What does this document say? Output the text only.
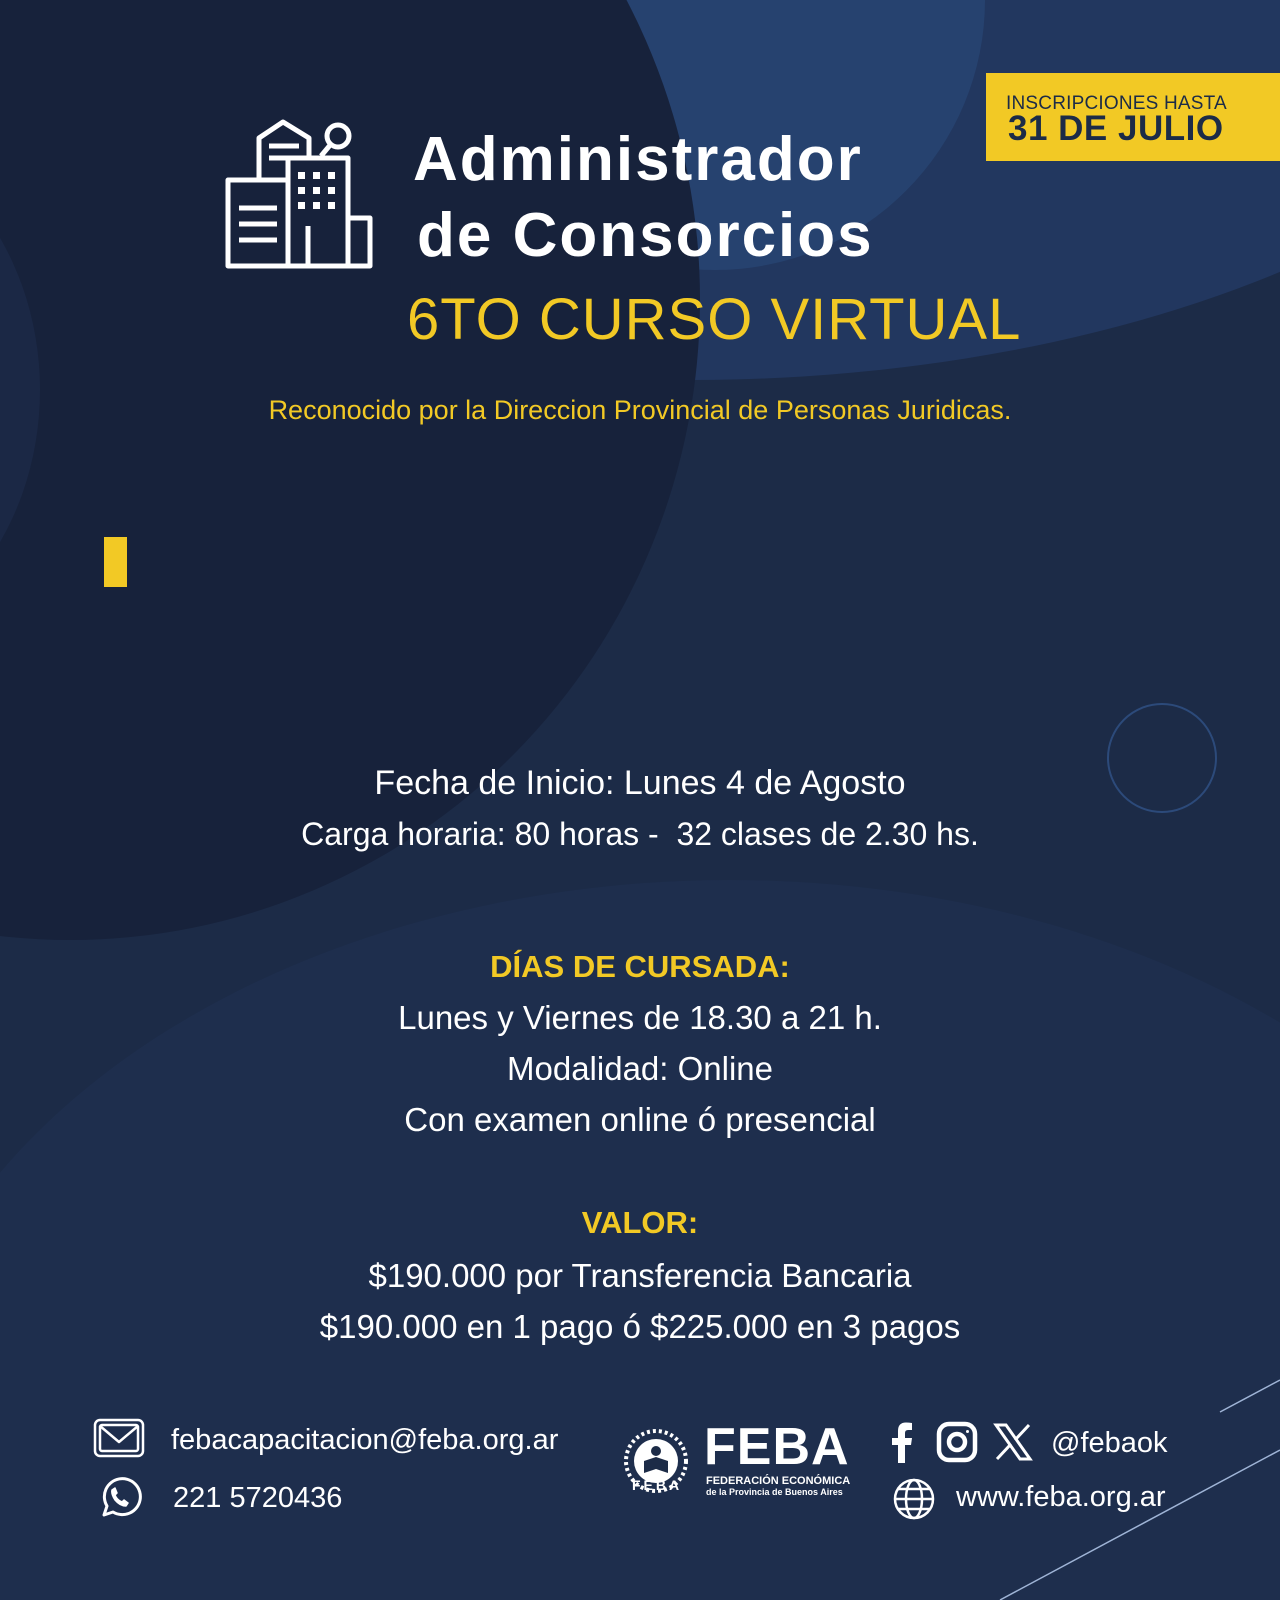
INSCRIPCIONES HASTA
31 DE JULIO
Administrador
de Consorcios
6TO CURSO VIRTUAL
Reconocido por la Direccion Provincial de Personas Juridicas.
Fecha de Inicio: Lunes 4 de Agosto
Carga horaria: 80 horas -  32 clases de 2.30 hs.
DÍAS DE CURSADA:
Lunes y Viernes de 18.30 a 21 h.
Modalidad: Online
Con examen online ó presencial
VALOR:
$190.000 por Transferencia Bancaria
$190.000 en 1 pago ó $225.000 en 3 pagos
febacapacitacion@feba.org.ar
221 5720436	FEBA
FEBA
FEDERACIÓN ECONÓMICA
de la Provincia de Buenos Aires
@febaok
www.feba.org.ar
